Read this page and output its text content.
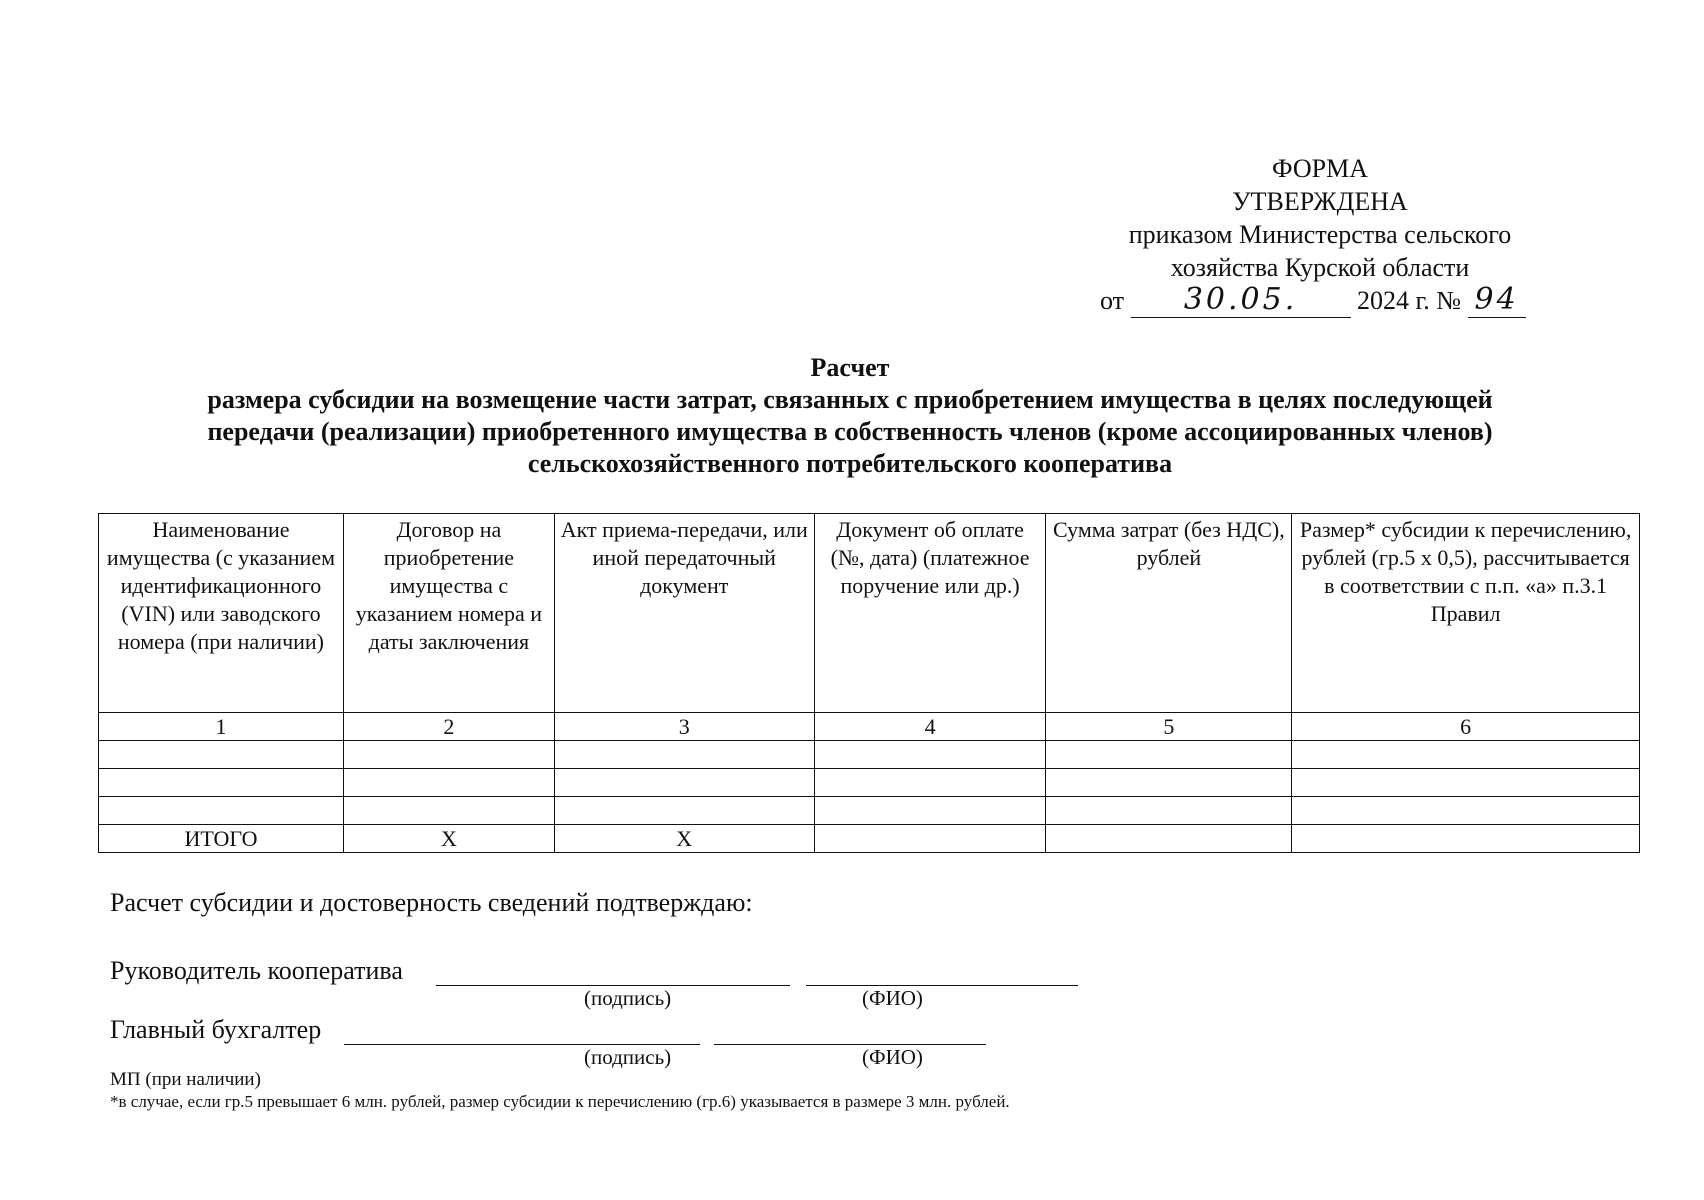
ФОРМА
УТВЕРЖДЕНА
приказом Министерства сельского
хозяйства Курской области
от 30.05. 2024 г. № 94
Расчет
размера субсидии на возмещение части затрат, связанных с приобретением имущества в целях последующей
передачи (реализации) приобретенного имущества в собственность членов (кроме ассоциированных членов)
сельскохозяйственного потребительского кооператива
Наименование имущества (с указанием идентификационного (VIN) или заводского номера (при наличии)	Договор на приобретение имущества с указанием номера и даты заключения	Акт приема-передачи, или иной передаточный документ	Документ об оплате (№, дата) (платежное поручение или др.)	Сумма затрат (без НДС), рублей	Размер* субсидии к перечислению, рублей (гр.5 х 0,5), рассчитывается в соответствии с п.п. «а» п.3.1 Правил
1	2	3	4	5	6

ИТОГО	Х	Х			
Расчет субсидии и достоверность сведений подтверждаю:
Руководитель кооператива
(подпись)	(ФИО)
Главный бухгалтер
(подпись)	(ФИО)
МП (при наличии)
*в случае, если гр.5 превышает 6 млн. рублей, размер субсидии к перечислению (гр.6) указывается в размере 3 млн. рублей.
